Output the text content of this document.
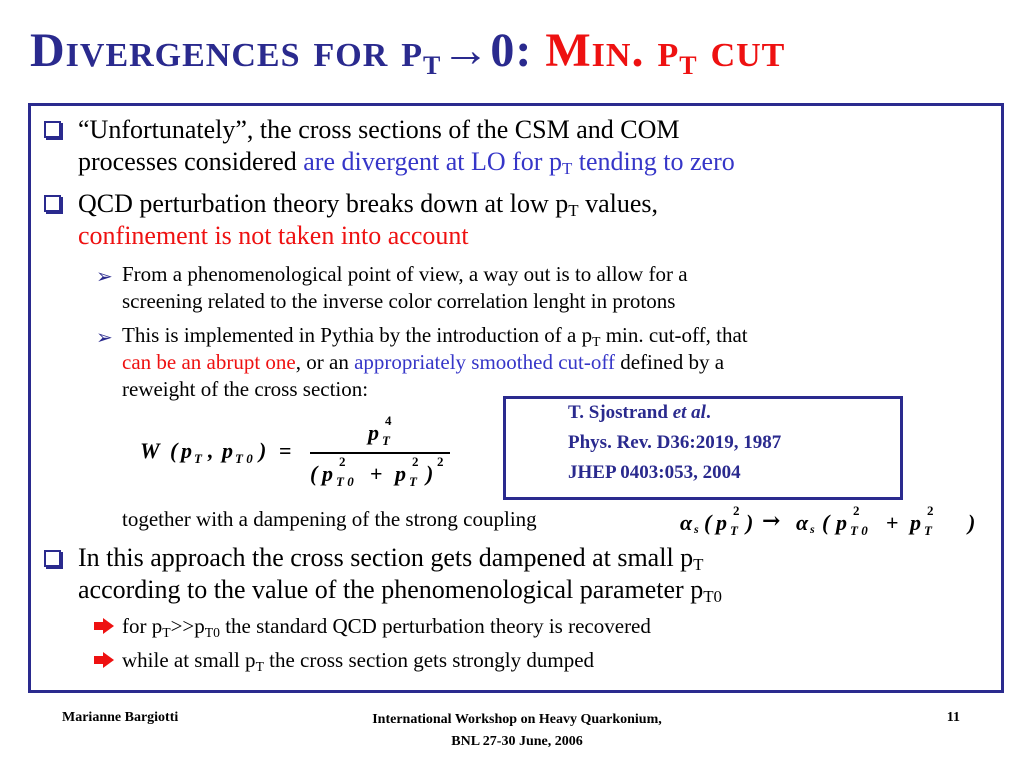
Divergences for $p_T\to 0$: Min. $p_T$ cut
“Unfortunately”, the cross sections of the CSM and COM
processes considered are divergent at LO for $p_T$ tending to zero
QCD perturbation theory breaks down at low $p_T$ values,
confinement is not taken into account
➢ From a phenomenological point of view, a way out is to allow for a
screening related to the inverse color correlation lenght in protons
➢ This is implemented in Pythia by the introduction of a $p_T$ min. cut-off, that
can be an abrupt one, or an appropriately smoothed cut-off defined by a
reweight of the cross section:
W ( p T , p T 0 ) =
p T
4
( p T 0
2 + p T
2 ) 2
T. Sjostrand et al.
Phys. Rev. D36:2019, 1987
JHEP 0403:053, 2004
together with a dampening of the strong coupling	α s ( p T
2 ) → α s ( p T 0
2 + p T
2 )
In this approach the cross section gets dampened at small $p_T$
according to the value of the phenomenological parameter $p_{T0}$
for $p_T>>p_{T0}$ the standard QCD perturbation theory is recovered
while at small $p_T$ the cross section gets strongly dumped
Marianne Bargiotti	International Workshop on Heavy Quarkonium,
BNL 27-30 June, 2006
11
